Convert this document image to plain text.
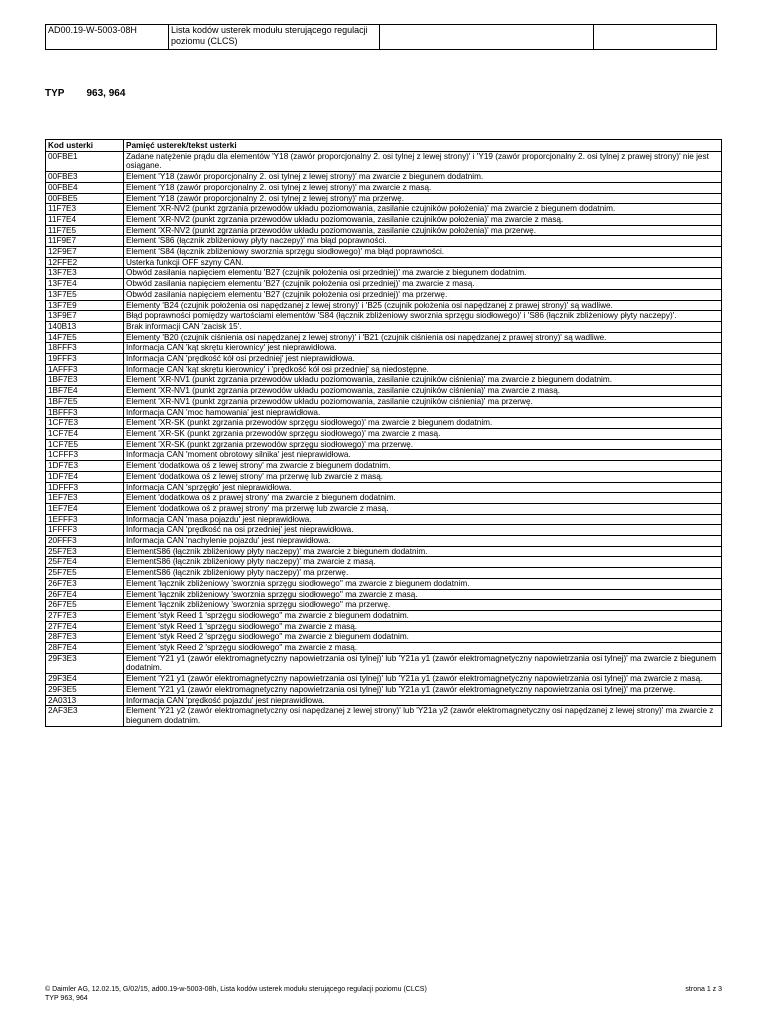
AD00.19-W-5003-08H	Lista kodów usterek modułu sterującego regulacji poziomu (CLCS)		
TYP 963, 964
Kod usterki	Pamięć usterek/tekst usterki
00FBE1	Zadane natężenie prądu dla elementów 'Y18 (zawór proporcjonalny 2. osi tylnej z lewej strony)' i 'Y19 (zawór proporcjonalny 2. osi tylnej z prawej strony)' nie jest osiągane.
00FBE3	Element 'Y18 (zawór proporcjonalny 2. osi tylnej z lewej strony)' ma zwarcie z biegunem dodatnim.
00FBE4	Element 'Y18 (zawór proporcjonalny 2. osi tylnej z lewej strony)' ma zwarcie z masą.
00FBE5	Element 'Y18 (zawór proporcjonalny 2. osi tylnej z lewej strony)' ma przerwę.
11F7E3	Element 'XR-NV2 (punkt zgrzania przewodów układu poziomowania, zasilanie czujników położenia)' ma zwarcie z biegunem dodatnim.
11F7E4	Element 'XR-NV2 (punkt zgrzania przewodów układu poziomowania, zasilanie czujników położenia)' ma zwarcie z masą.
11F7E5	Element 'XR-NV2 (punkt zgrzania przewodów układu poziomowania, zasilanie czujników położenia)' ma przerwę.
11F9E7	Element 'S86 (łącznik zbliżeniowy płyty naczepy)' ma błąd poprawności.
12F9E7	Element 'S84 (łącznik zbliżeniowy sworznia sprzęgu siodłowego)' ma błąd poprawności.
12FFE2	Usterka funkcji OFF szyny CAN.
13F7E3	Obwód zasilania napięciem elementu 'B27 (czujnik położenia osi przedniej)' ma zwarcie z biegunem dodatnim.
13F7E4	Obwód zasilania napięciem elementu 'B27 (czujnik położenia osi przedniej)' ma zwarcie z masą.
13F7E5	Obwód zasilania napięciem elementu 'B27 (czujnik położenia osi przedniej)' ma przerwę.
13F7E9	Elementy 'B24 (czujnik położenia osi napędzanej z lewej strony)' i 'B25 (czujnik położenia osi napędzanej z prawej strony)' są wadliwe.
13F9E7	Błąd poprawności pomiędzy wartościami elementów 'S84 (łącznik zbliżeniowy sworznia sprzęgu siodłowego)' i 'S86 (łącznik zbliżeniowy płyty naczepy)'.
140B13	Brak informacji CAN 'zacisk 15'.
14F7E5	Elementy 'B20 (czujnik ciśnienia osi napędzanej z lewej strony)' i 'B21 (czujnik ciśnienia osi napędzanej z prawej strony)' są wadliwe.
18FFF3	Informacja CAN 'kąt skrętu kierownicy' jest nieprawidłowa.
19FFF3	Informacja CAN 'prędkość kół osi przedniej' jest nieprawidłowa.
1AFFF3	Informacje CAN 'kąt skrętu kierownicy' i 'prędkość kół osi przedniej' są niedostępne.
1BF7E3	Element 'XR-NV1 (punkt zgrzania przewodów układu poziomowania, zasilanie czujników ciśnienia)' ma zwarcie z biegunem dodatnim.
1BF7E4	Element 'XR-NV1 (punkt zgrzania przewodów układu poziomowania, zasilanie czujników ciśnienia)' ma zwarcie z masą.
1BF7E5	Element 'XR-NV1 (punkt zgrzania przewodów układu poziomowania, zasilanie czujników ciśnienia)' ma przerwę.
1BFFF3	Informacja CAN 'moc hamowania' jest nieprawidłowa.
1CF7E3	Element 'XR-SK (punkt zgrzania przewodów sprzęgu siodłowego)' ma zwarcie z biegunem dodatnim.
1CF7E4	Element 'XR-SK (punkt zgrzania przewodów sprzęgu siodłowego)' ma zwarcie z masą.
1CF7E5	Element 'XR-SK (punkt zgrzania przewodów sprzęgu siodłowego)' ma przerwę.
1CFFF3	Informacja CAN 'moment obrotowy silnika' jest nieprawidłowa.
1DF7E3	Element 'dodatkowa oś z lewej strony' ma zwarcie z biegunem dodatnim.
1DF7E4	Element 'dodatkowa oś z lewej strony' ma przerwę lub zwarcie z masą.
1DFFF3	Informacja CAN 'sprzęgło' jest nieprawidłowa.
1EF7E3	Element 'dodatkowa oś z prawej strony' ma zwarcie z biegunem dodatnim.
1EF7E4	Element 'dodatkowa oś z prawej strony' ma przerwę lub zwarcie z masą.
1EFFF3	Informacja CAN 'masa pojazdu' jest nieprawidłowa.
1FFFF3	Informacja CAN 'prędkość na osi przedniej' jest nieprawidłowa.
20FFF3	Informacja CAN 'nachylenie pojazdu' jest nieprawidłowa.
25F7E3	ElementS86 (łącznik zbliżeniowy płyty naczepy)' ma zwarcie z biegunem dodatnim.
25F7E4	ElementS86 (łącznik zbliżeniowy płyty naczepy)' ma zwarcie z masą.
25F7E5	ElementS86 (łącznik zbliżeniowy płyty naczepy)' ma przerwę.
26F7E3	Element 'łącznik zbliżeniowy 'sworznia sprzęgu siodłowego'' ma zwarcie z biegunem dodatnim.
26F7E4	Element 'łącznik zbliżeniowy 'sworznia sprzęgu siodłowego'' ma zwarcie z masą.
26F7E5	Element 'łącznik zbliżeniowy 'sworznia sprzęgu siodłowego'' ma przerwę.
27F7E3	Element 'styk Reed 1 'sprzęgu siodłowego'' ma zwarcie z biegunem dodatnim.
27F7E4	Element 'styk Reed 1 'sprzęgu siodłowego'' ma zwarcie z masą.
28F7E3	Element 'styk Reed 2 'sprzęgu siodłowego'' ma zwarcie z biegunem dodatnim.
28F7E4	Element 'styk Reed 2 'sprzęgu siodłowego'' ma zwarcie z masą.
29F3E3	Element 'Y21 y1 (zawór elektromagnetyczny napowietrzania osi tylnej)' lub 'Y21a y1 (zawór elektromagnetyczny napowietrzania osi tylnej)' ma zwarcie z biegunem dodatnim.
29F3E4	Element 'Y21 y1 (zawór elektromagnetyczny napowietrzania osi tylnej)' lub 'Y21a y1 (zawór elektromagnetyczny napowietrzania osi tylnej)' ma zwarcie z masą.
29F3E5	Element 'Y21 y1 (zawór elektromagnetyczny napowietrzania osi tylnej)' lub 'Y21a y1 (zawór elektromagnetyczny napowietrzania osi tylnej)' ma przerwę.
2A0313	Informacja CAN 'prędkość pojazdu' jest nieprawidłowa.
2AF3E3	Element 'Y21 y2 (zawór elektromagnetyczny osi napędzanej z lewej strony)' lub 'Y21a y2 (zawór elektromagnetyczny osi napędzanej z lewej strony)' ma zwarcie z biegunem dodatnim.
© Daimler AG, 12.02.15, G/02/15, ad00.19-w-5003-08h, Lista kodów usterek modułu sterującego regulacji poziomu (CLCS)
TYP 963, 964
strona 1 z 3
